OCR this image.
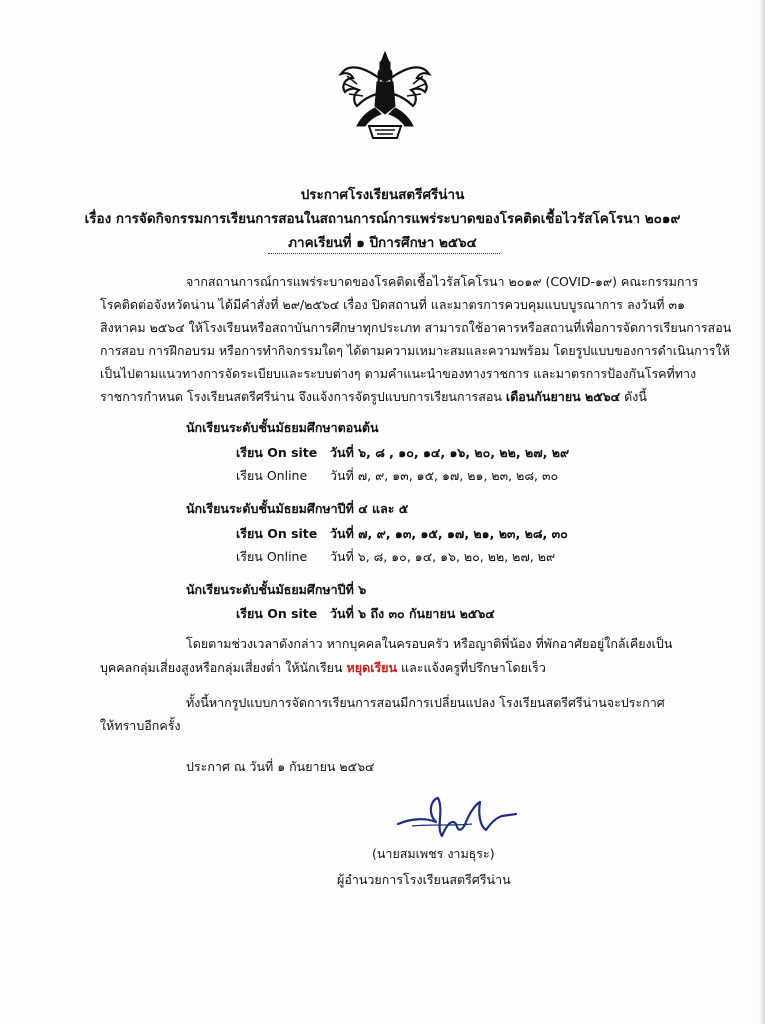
ประกาศโรงเรียนสตรีศรีน่าน
เรื่อง การจัดกิจกรรมการเรียนการสอนในสถานการณ์การแพร่ระบาดของโรคติดเชื้อไวรัสโคโรนา ๒๐๑๙
ภาคเรียนที่ ๑ ปีการศึกษา ๒๕๖๔
จากสถานการณ์การแพร่ระบาดของโรคติดเชื้อไวรัสโคโรนา ๒๐๑๙ (COVID-๑๙) คณะกรรมการ
โรคติดต่อจังหวัดน่าน ได้มีคำสั่งที่ ๒๙/๒๕๖๔ เรื่อง ปิดสถานที่ และมาตรการควบคุมแบบบูรณาการ ลงวันที่ ๓๑
สิงหาคม ๒๕๖๔ ให้โรงเรียนหรือสถาบันการศึกษาทุกประเภท สามารถใช้อาคารหรือสถานที่เพื่อการจัดการเรียนการสอน
การสอบ การฝึกอบรม หรือการทำกิจกรรมใดๆ ได้ตามความเหมาะสมและความพร้อม โดยรูปแบบของการดำเนินการให้
เป็นไปตามแนวทางการจัดระเบียบและระบบต่างๆ ตามคำแนะนำของทางราชการ และมาตรการป้องกันโรคที่ทาง
ราชการกำหนด โรงเรียนสตรีศรีน่าน จึงแจ้งการจัดรูปแบบการเรียนการสอน เดือนกันยายน ๒๕๖๔ ดังนี้
นักเรียนระดับชั้นมัธยมศึกษาตอนต้น
เรียน On site วันที่ ๖, ๘ , ๑๐, ๑๔, ๑๖, ๒๐, ๒๒, ๒๗, ๒๙
เรียน Online วันที่ ๗, ๙, ๑๓, ๑๕, ๑๗, ๒๑, ๒๓, ๒๘, ๓๐
นักเรียนระดับชั้นมัธยมศึกษาปีที่ ๔ และ ๕
เรียน On site วันที่ ๗, ๙, ๑๓, ๑๕, ๑๗, ๒๑, ๒๓, ๒๘, ๓๐
เรียน Online วันที่ ๖, ๘, ๑๐, ๑๔, ๑๖, ๒๐, ๒๒, ๒๗, ๒๙
นักเรียนระดับชั้นมัธยมศึกษาปีที่ ๖
เรียน On site วันที่ ๖ ถึง ๓๐ กันยายน ๒๕๖๔
โดยตามช่วงเวลาดังกล่าว หากบุคคลในครอบครัว หรือญาติพี่น้อง ที่พักอาศัยอยู่ใกล้เคียงเป็น
บุคคลกลุ่มเสี่ยงสูงหรือกลุ่มเสี่ยงต่ำ ให้นักเรียน หยุดเรียน และแจ้งครูที่ปรึกษาโดยเร็ว
ทั้งนี้หากรูปแบบการจัดการเรียนการสอนมีการเปลี่ยนแปลง โรงเรียนสตรีศรีน่านจะประกาศ
ให้ทราบอีกครั้ง
ประกาศ ณ วันที่ ๑ กันยายน ๒๕๖๔
(นายสมเพชร งามธุระ)
ผู้อำนวยการโรงเรียนสตรีศรีน่าน
